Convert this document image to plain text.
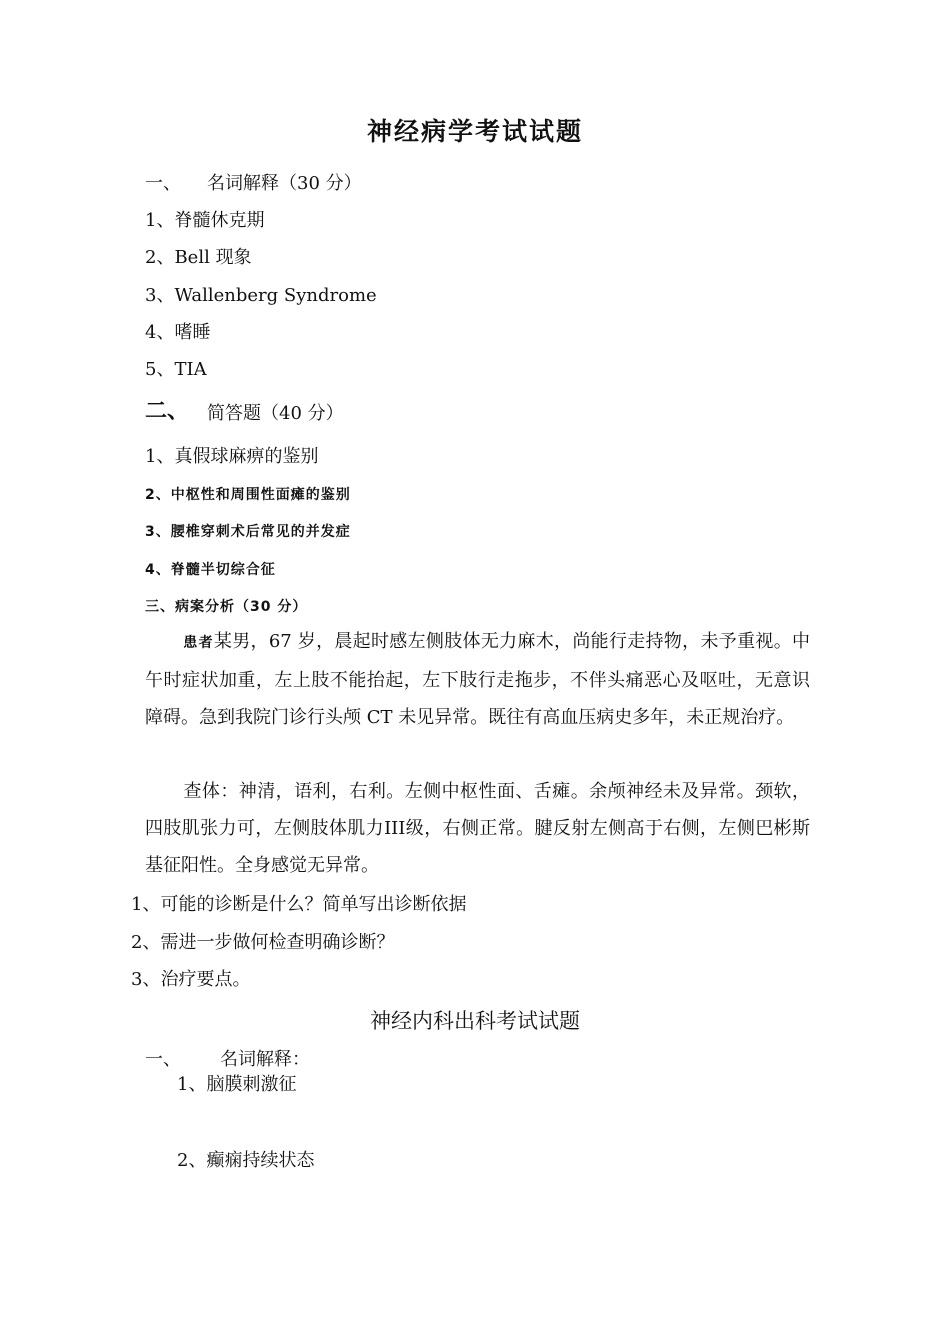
神经病学考试试题
一、 名词解释（30 分）
1、脊髓休克期
2、Bell 现象
3、Wallenberg Syndrome
4、嗜睡
5、TIA
二、 简答题（40 分）
1、真假球麻痹的鉴别
2、中枢性和周围性面瘫的鉴别
3、腰椎穿刺术后常见的并发症
4、脊髓半切综合征
三、病案分析（30 分）
患者某男，67 岁，晨起时感左侧肢体无力麻木，尚能行走持物，未予重视。中午时症状加重，左上肢不能抬起，左下肢行走拖步，不伴头痛恶心及呕吐，无意识障碍。急到我院门诊行头颅 CT 未见异常。既往有高血压病史多年，未正规治疗。
查体：神清，语利，右利。左侧中枢性面、舌瘫。余颅神经未及异常。颈软，四肢肌张力可，左侧肢体肌力III级，右侧正常。腱反射左侧高于右侧，左侧巴彬斯基征阳性。全身感觉无异常。
1、可能的诊断是什么？简单写出诊断依据
2、需进一步做何检查明确诊断？
3、治疗要点。
神经内科出科考试试题
一、 名词解释：
1、脑膜刺激征
2、癫痫持续状态
